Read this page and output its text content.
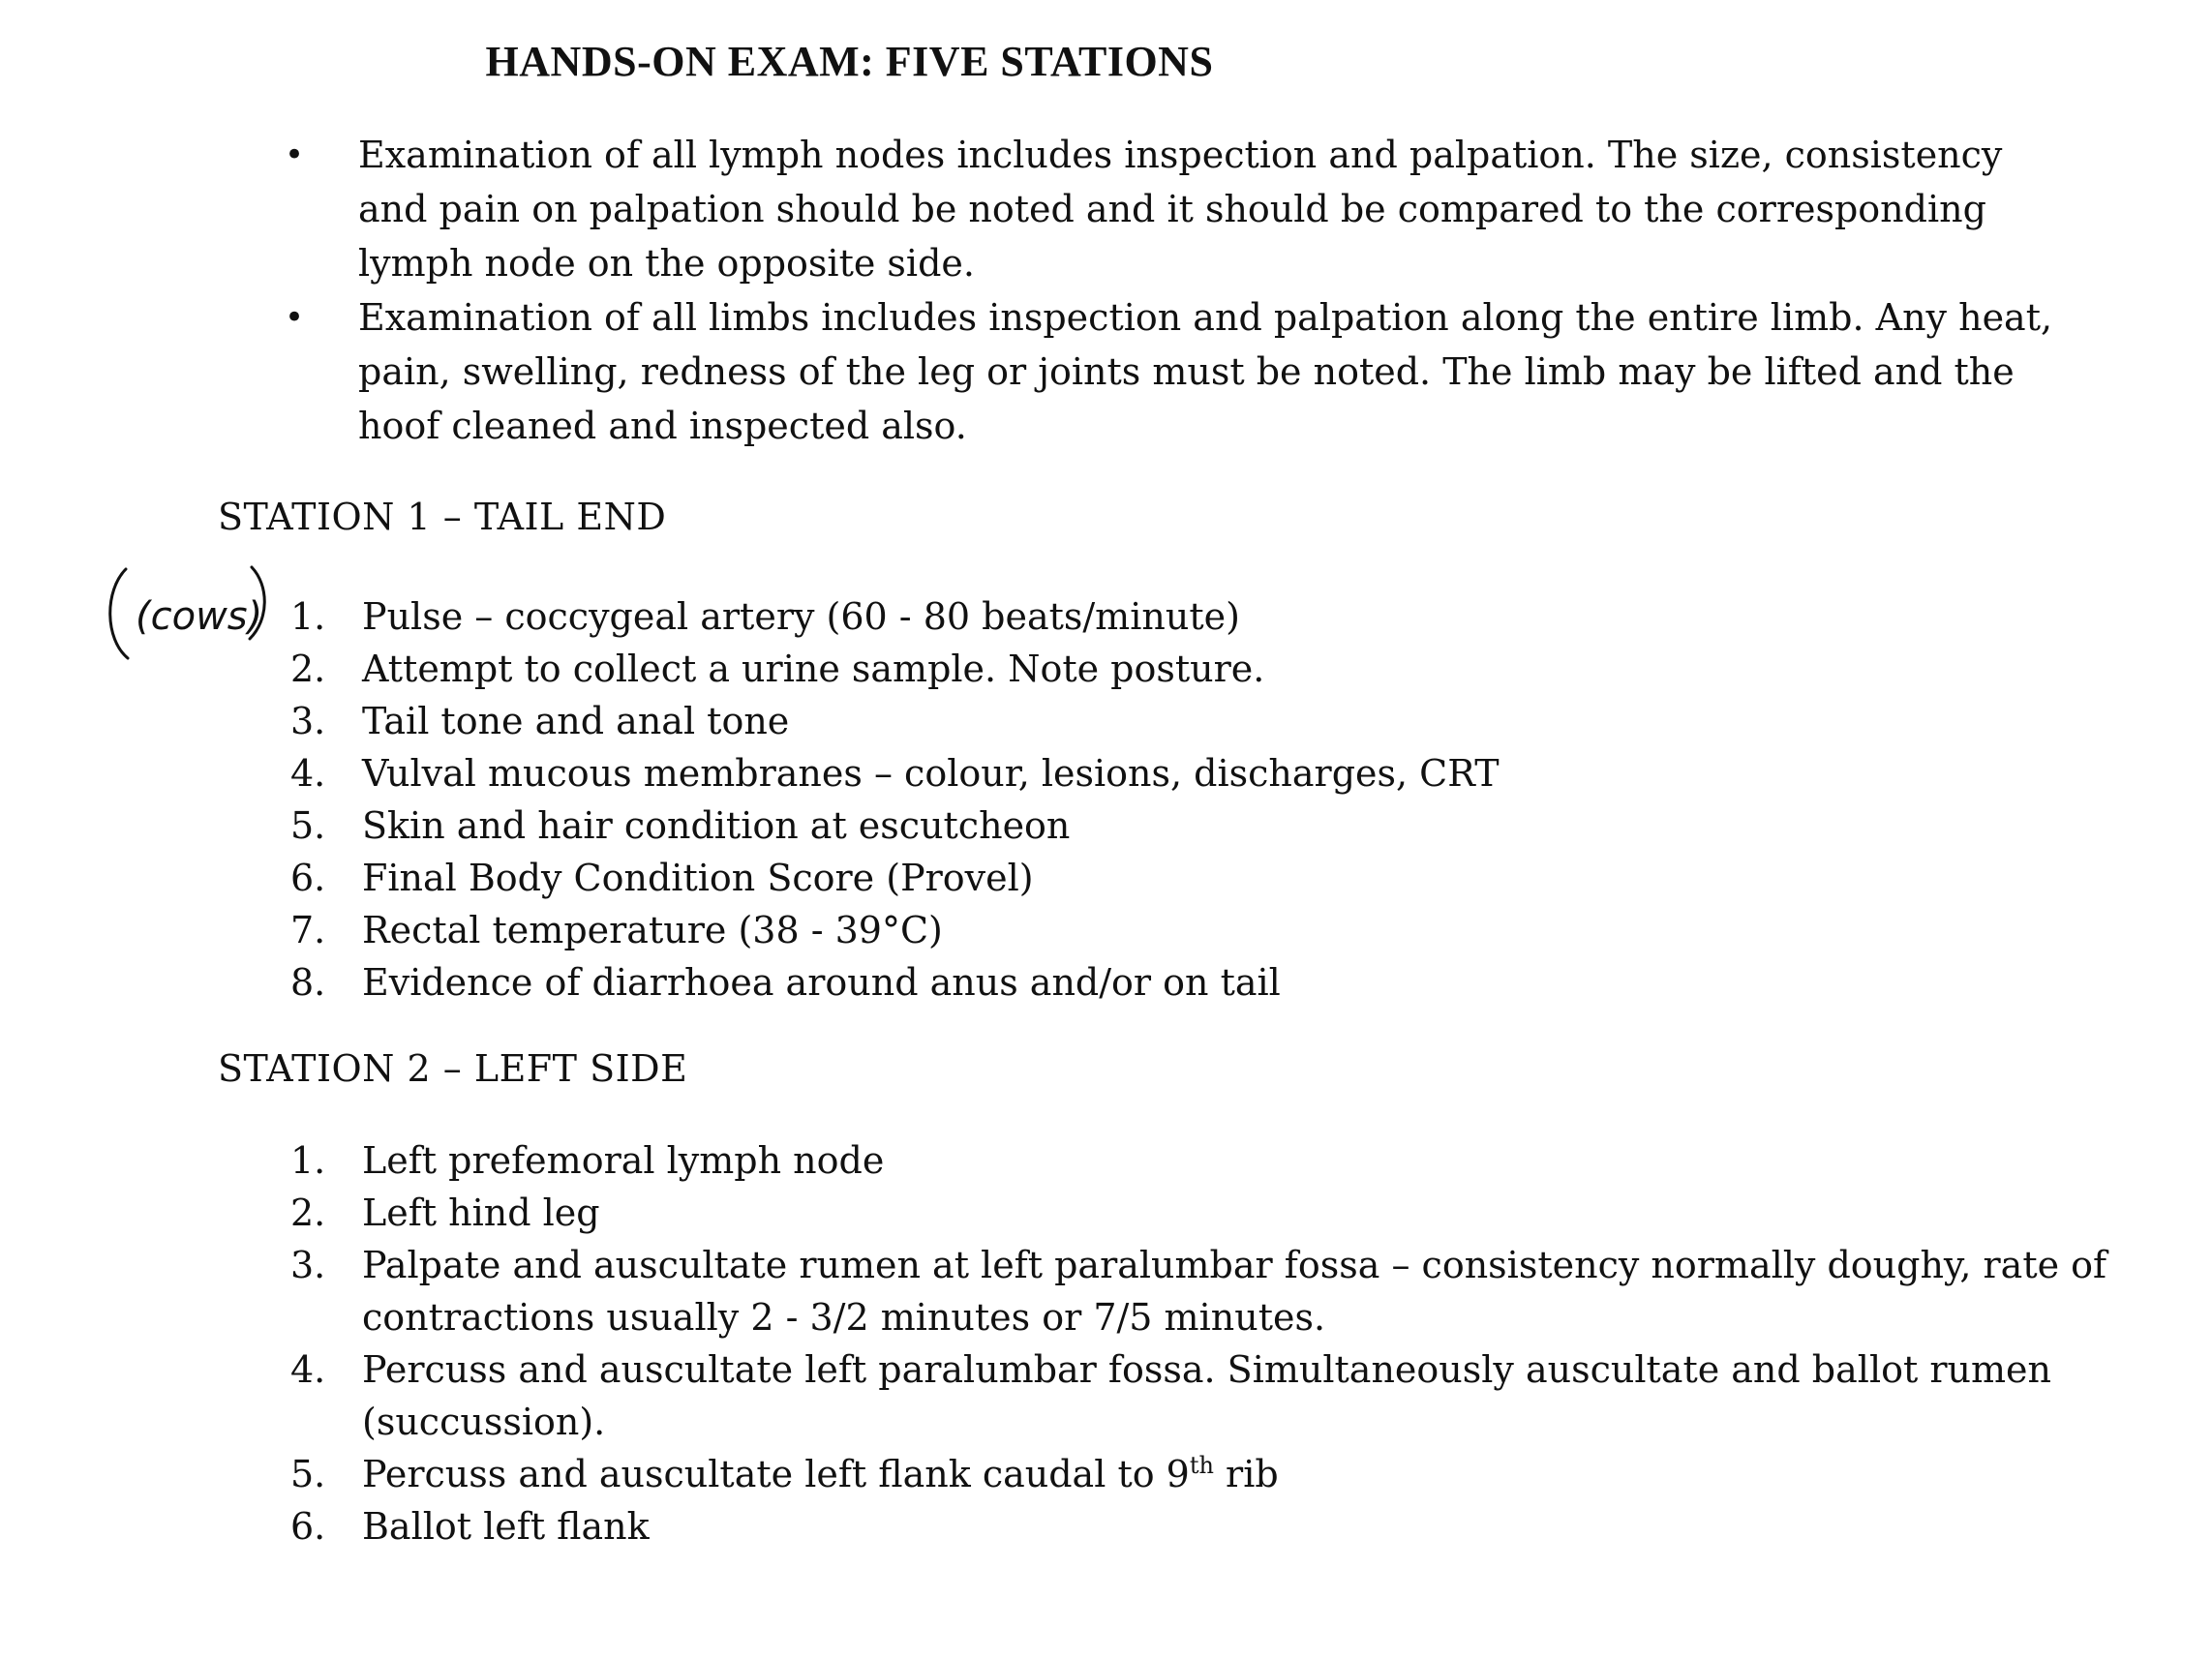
HANDS-ON EXAM: FIVE STATIONS
• Examination of all lymph nodes includes inspection and palpation. The size, consistency and pain on palpation should be noted and it should be compared to the corresponding lymph node on the opposite side.
• Examination of all limbs includes inspection and palpation along the entire limb. Any heat, pain, swelling, redness of the leg or joints must be noted. The limb may be lifted and the hoof cleaned and inspected also.
STATION 1 – TAIL END
(cows) 1. Pulse – coccygeal artery (60 - 80 beats/minute)
2. Attempt to collect a urine sample. Note posture.
3. Tail tone and anal tone
4. Vulval mucous membranes – colour, lesions, discharges, CRT
5. Skin and hair condition at escutcheon
6. Final Body Condition Score (Provel)
7. Rectal temperature (38 - 39°C)
8. Evidence of diarrhoea around anus and/or on tail
STATION 2 – LEFT SIDE
1. Left prefemoral lymph node
2. Left hind leg
3. Palpate and auscultate rumen at left paralumbar fossa – consistency normally doughy, rate of contractions usually 2 - 3/2 minutes or 7/5 minutes.
4. Percuss and auscultate left paralumbar fossa. Simultaneously auscultate and ballot rumen (succussion).
5. Percuss and auscultate left flank caudal to 9th rib
6. Ballot left flank
